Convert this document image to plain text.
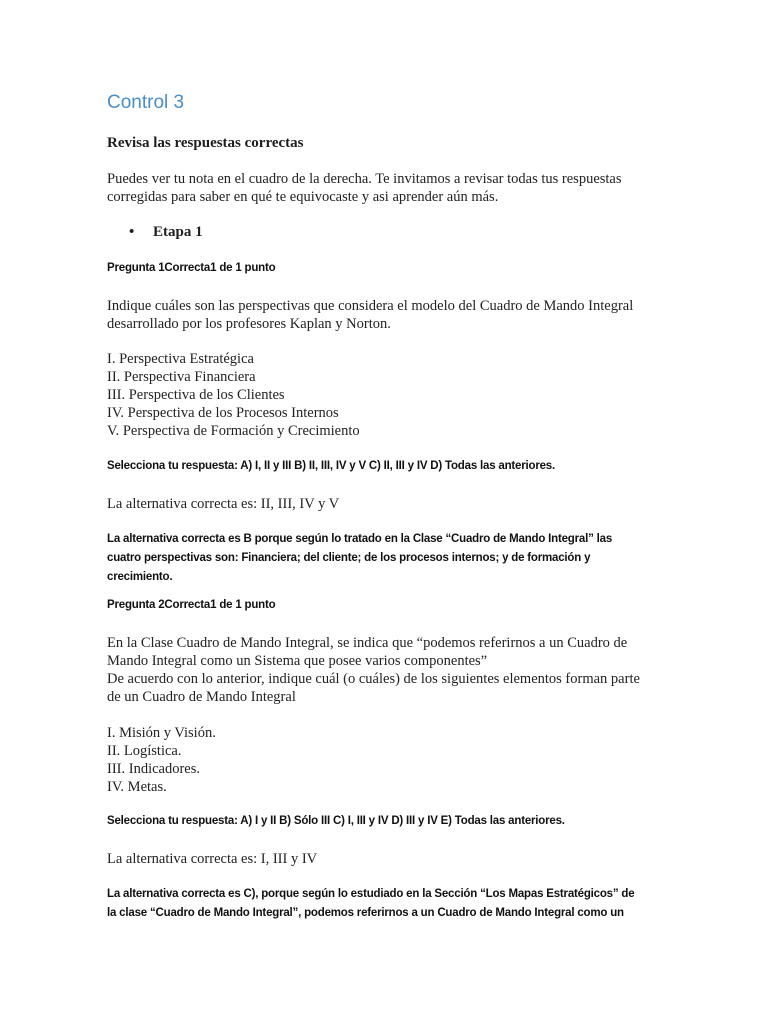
Control 3
Revisa las respuestas correctas
Puedes ver tu nota en el cuadro de la derecha. Te invitamos a revisar todas tus respuestas
corregidas para saber en qué te equivocaste y asi aprender aún más.
• Etapa 1
Pregunta 1Correcta1 de 1 punto
Indique cuáles son las perspectivas que considera el modelo del Cuadro de Mando Integral
desarrollado por los profesores Kaplan y Norton.
I. Perspectiva Estratégica
II. Perspectiva Financiera
III. Perspectiva de los Clientes
IV. Perspectiva de los Procesos Internos
V. Perspectiva de Formación y Crecimiento
Selecciona tu respuesta: A) I, II y III B) II, III, IV y V C) II, III y IV D) Todas las anteriores.
La alternativa correcta es: II, III, IV y V
La alternativa correcta es B porque según lo tratado en la Clase “Cuadro de Mando Integral” las
cuatro perspectivas son: Financiera; del cliente; de los procesos internos; y de formación y
crecimiento.
Pregunta 2Correcta1 de 1 punto
En la Clase Cuadro de Mando Integral, se indica que “podemos referirnos a un Cuadro de
Mando Integral como un Sistema que posee varios componentes”
De acuerdo con lo anterior, indique cuál (o cuáles) de los siguientes elementos forman parte
de un Cuadro de Mando Integral
I. Misión y Visión.
II. Logística.
III. Indicadores.
IV. Metas.
Selecciona tu respuesta: A) I y II B) Sólo III C) I, III y IV D) III y IV E) Todas las anteriores.
La alternativa correcta es: I, III y IV
La alternativa correcta es C), porque según lo estudiado en la Sección “Los Mapas Estratégicos” de
la clase “Cuadro de Mando Integral”, podemos referirnos a un Cuadro de Mando Integral como un
